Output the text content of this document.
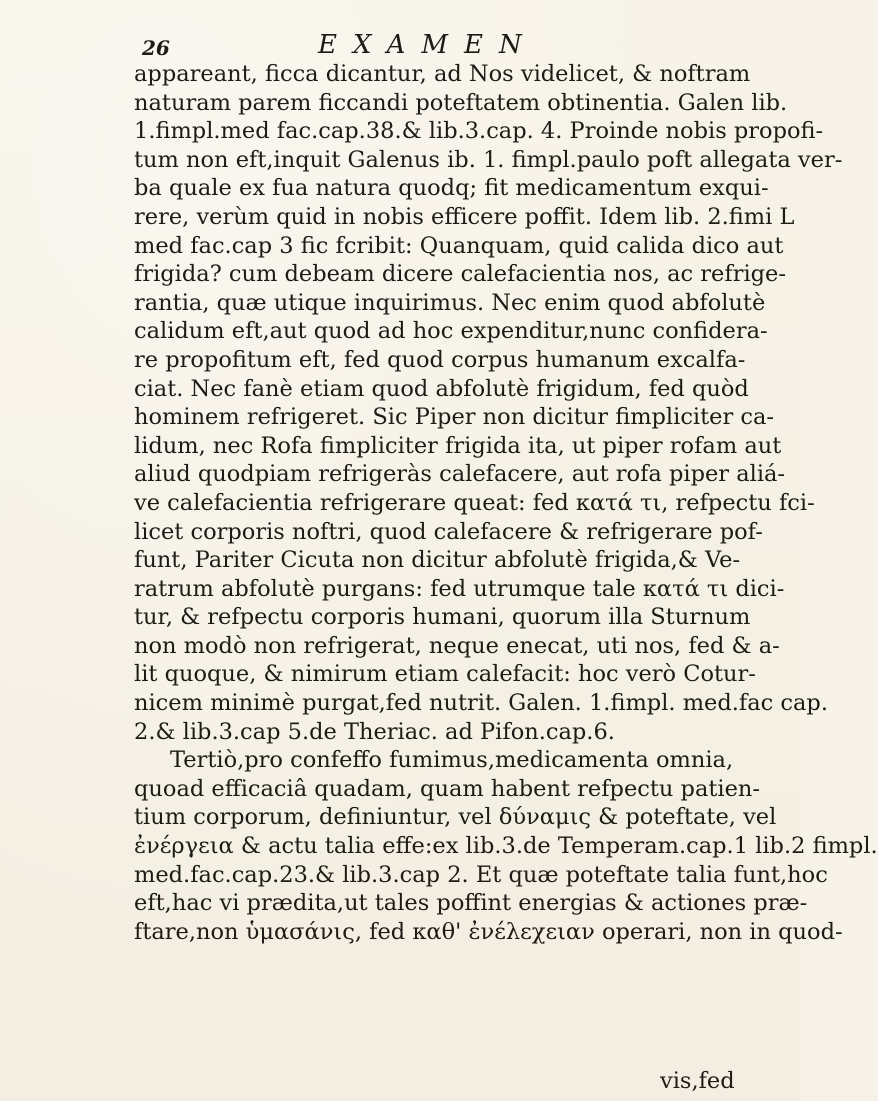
26	EXAMEN
appareant, ficca dicantur, ad Nos videlicet, & noftram
naturam parem ficcandi poteftatem obtinentia. Galen lib.
1.fimpl.med fac.cap.38.& lib.3.cap. 4. Proinde nobis propofi-
tum non eft,inquit Galenus ib. 1. fimpl.paulo poft allegata ver-
ba quale ex fua natura quodq; fit medicamentum exqui-
rere, verùm quid in nobis efficere poffit. Idem lib. 2.fimi L
med fac.cap 3 fic fcribit: Quanquam, quid calida dico aut
frigida? cum debeam dicere calefacientia nos, ac refrige-
rantia, quæ utique inquirimus. Nec enim quod abfolutè
calidum eft,aut quod ad hoc expenditur,nunc confidera-
re propofitum eft, fed quod corpus humanum excalfa-
ciat. Nec fanè etiam quod abfolutè frigidum, fed quòd
hominem refrigeret. Sic Piper non dicitur fimpliciter ca-
lidum, nec Rofa fimpliciter frigida ita, ut piper rofam aut
aliud quodpiam refrigeràs calefacere, aut rofa piper aliá-
ve calefacientia refrigerare queat: fed κατά τι, refpectu fci-
licet corporis noftri, quod calefacere & refrigerare pof-
funt, Pariter Cicuta non dicitur abfolutè frigida,& Ve-
ratrum abfolutè purgans: fed utrumque tale κατά τι dici-
tur, & refpectu corporis humani, quorum illa Sturnum
non modò non refrigerat, neque enecat, uti nos, fed & a-
lit quoque, & nimirum etiam calefacit: hoc verò Cotur-
nicem minimè purgat,fed nutrit. Galen. 1.fimpl. med.fac cap.
2.& lib.3.cap 5.de Theriac. ad Pifon.cap.6.
Tertiò,pro confeffo fumimus,medicamenta omnia,
quoad efficaciâ quadam, quam habent refpectu patien-
tium corporum, definiuntur, vel δύναμις & poteftate, vel
ἐνέργεια & actu talia effe:ex lib.3.de Temperam.cap.1 lib.2 fimpl.
med.fac.cap.23.& lib.3.cap 2. Et quæ poteftate talia funt,hoc
eft,hac vi prædita,ut tales poffint energias & actiones præ-
ftare,non ὑμασάνις, fed καθ' ἐνέλεχειαν operari, non in quod-
vis,fed
